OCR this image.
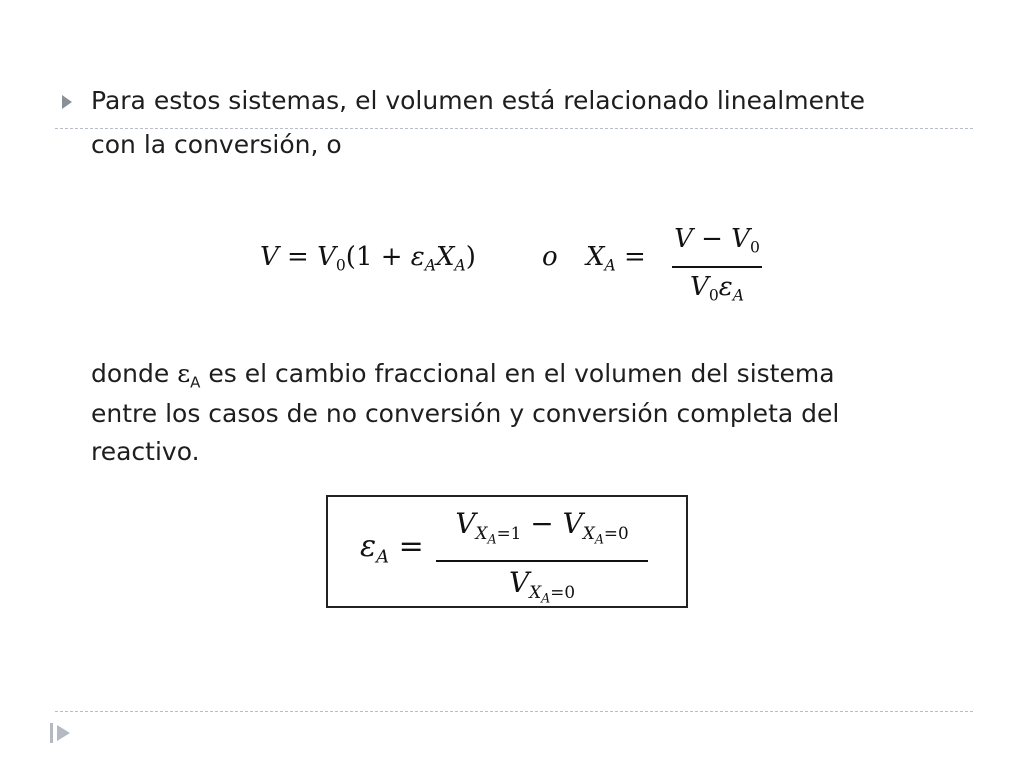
Para estos sistemas, el volumen está relacionado linealmente
con la conversión, o
$V = V_0(1 + \varepsilon_AX_A)$	o $X_A$ =
$V - V_0$
$V_0\varepsilon_A$
donde $\varepsilon_A$ es el cambio fraccional en el volumen del sistema
entre los casos de no conversión y conversión completa del
reactivo.
$\varepsilon_A$ =
$V_{X_A=1} - V_{X_A=0}$
$V_{X_A=0}$
